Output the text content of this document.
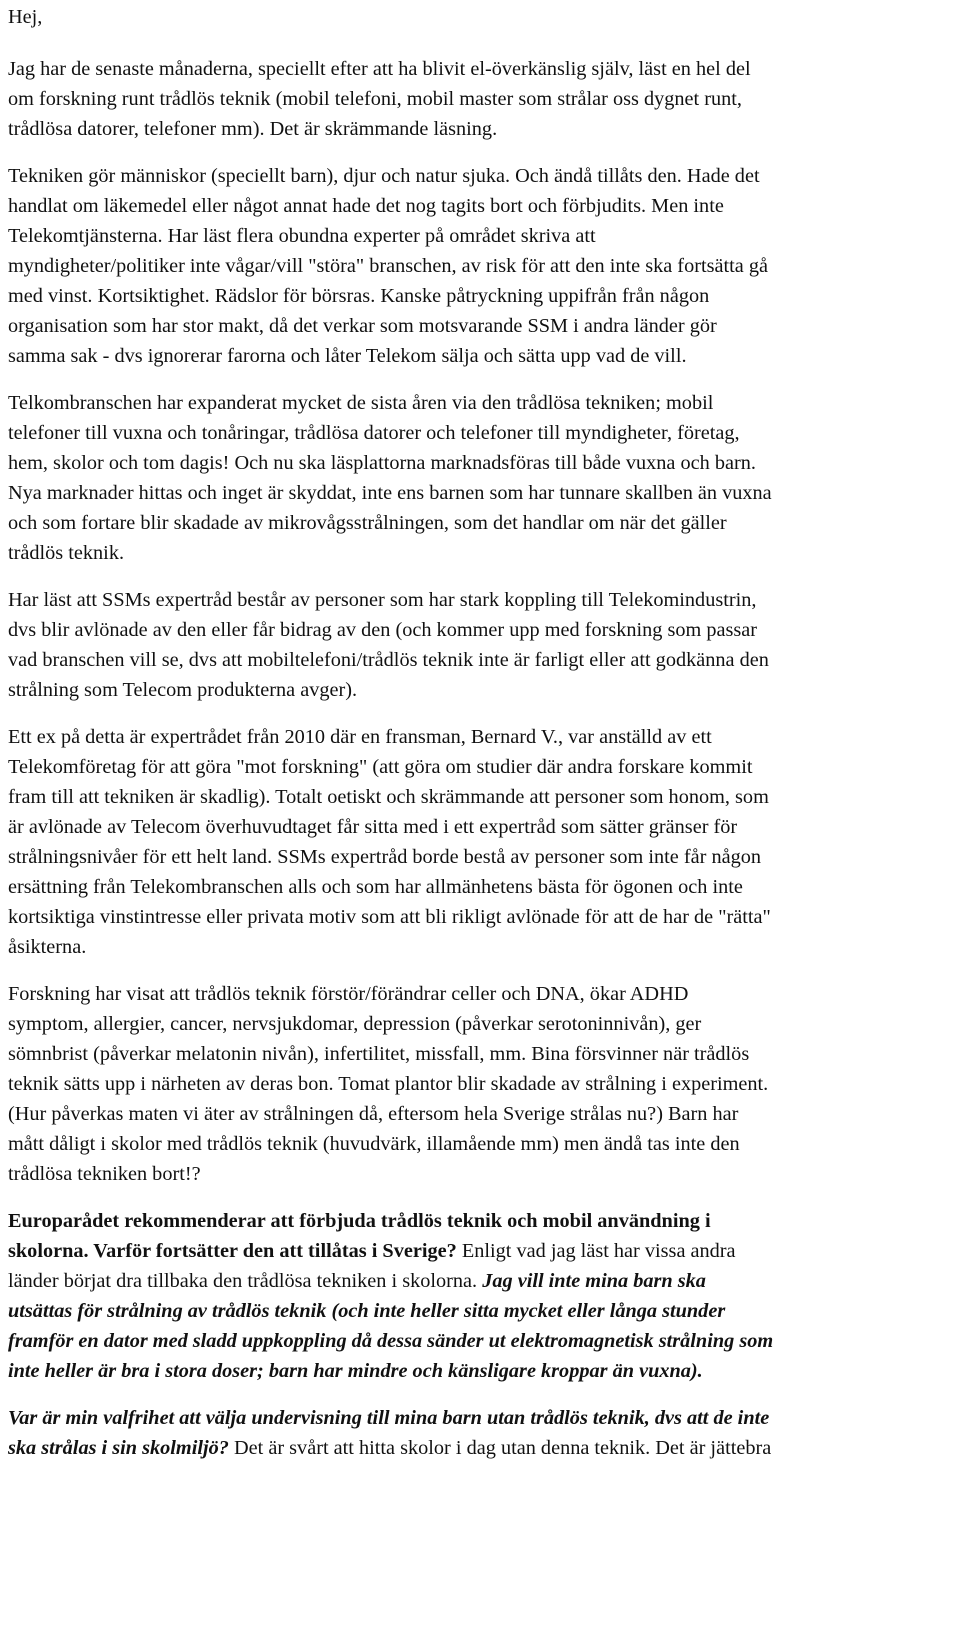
Hej,

Jag har de senaste månaderna, speciellt efter att ha blivit el-överkänslig själv, läst en hel del
om forskning runt trådlös teknik (mobil telefoni, mobil master som strålar oss dygnet runt,
trådlösa datorer, telefoner mm). Det är skrämmande läsning.

Tekniken gör människor (speciellt barn), djur och natur sjuka. Och ändå tillåts den. Hade det
handlat om läkemedel eller något annat hade det nog tagits bort och förbjudits. Men inte
Telekomtjänsterna. Har läst flera obundna experter på området skriva att
myndigheter/politiker inte vågar/vill "störa" branschen, av risk för att den inte ska fortsätta gå
med vinst. Kortsiktighet. Rädslor för börsras. Kanske påtryckning uppifrån från någon
organisation som har stor makt, då det verkar som motsvarande SSM i andra länder gör
samma sak - dvs ignorerar farorna och låter Telekom sälja och sätta upp vad de vill.

Telkombranschen har expanderat mycket de sista åren via den trådlösa tekniken; mobil
telefoner till vuxna och tonåringar, trådlösa datorer och telefoner till myndigheter, företag,
hem, skolor och tom dagis! Och nu ska läsplattorna marknadsföras till både vuxna och barn.
Nya marknader hittas och inget är skyddat, inte ens barnen som har tunnare skallben än vuxna
och som fortare blir skadade av mikrovågsstrålningen, som det handlar om när det gäller
trådlös teknik.

Har läst att SSMs expertråd består av personer som har stark koppling till Telekomindustrin,
dvs blir avlönade av den eller får bidrag av den (och kommer upp med forskning som passar
vad branschen vill se, dvs att mobiltelefoni/trådlös teknik inte är farligt eller att godkänna den
strålning som Telecom produkterna avger).

Ett ex på detta är expertrådet från 2010 där en fransman, Bernard V., var anställd av ett
Telekomföretag för att göra "mot forskning" (att göra om studier där andra forskare kommit
fram till att tekniken är skadlig). Totalt oetiskt och skrämmande att personer som honom, som
är avlönade av Telecom överhuvudtaget får sitta med i ett expertråd som sätter gränser för
strålningsnivåer för ett helt land. SSMs expertråd borde bestå av personer som inte får någon
ersättning från Telekombranschen alls och som har allmänhetens bästa för ögonen och inte
kortsiktiga vinstintresse eller privata motiv som att bli rikligt avlönade för att de har de "rätta"
åsikterna.

Forskning har visat att trådlös teknik förstör/förändrar celler och DNA, ökar ADHD
symptom, allergier, cancer, nervsjukdomar, depression (påverkar serotoninnivån), ger
sömnbrist (påverkar melatonin nivån), infertilitet, missfall, mm. Bina försvinner när trådlös
teknik sätts upp i närheten av deras bon. Tomat plantor blir skadade av strålning i experiment.
(Hur påverkas maten vi äter av strålningen då, eftersom hela Sverige strålas nu?) Barn har
mått dåligt i skolor med trådlös teknik (huvudvärk, illamående mm) men ändå tas inte den
trådlösa tekniken bort!?

Europarådet rekommenderar att förbjuda trådlös teknik och mobil användning i
skolorna. Varför fortsätter den att tillåtas i Sverige? Enligt vad jag läst har vissa andra
länder börjat dra tillbaka den trådlösa tekniken i skolorna. Jag vill inte mina barn ska
utsättas för strålning av trådlös teknik (och inte heller sitta mycket eller långa stunder
framför en dator med sladd uppkoppling då dessa sänder ut elektromagnetisk strålning som
inte heller är bra i stora doser; barn har mindre och känsligare kroppar än vuxna).

Var är min valfrihet att välja undervisning till mina barn utan trådlös teknik, dvs att de inte
ska strålas i sin skolmiljö? Det är svårt att hitta skolor i dag utan denna teknik. Det är jättebra
